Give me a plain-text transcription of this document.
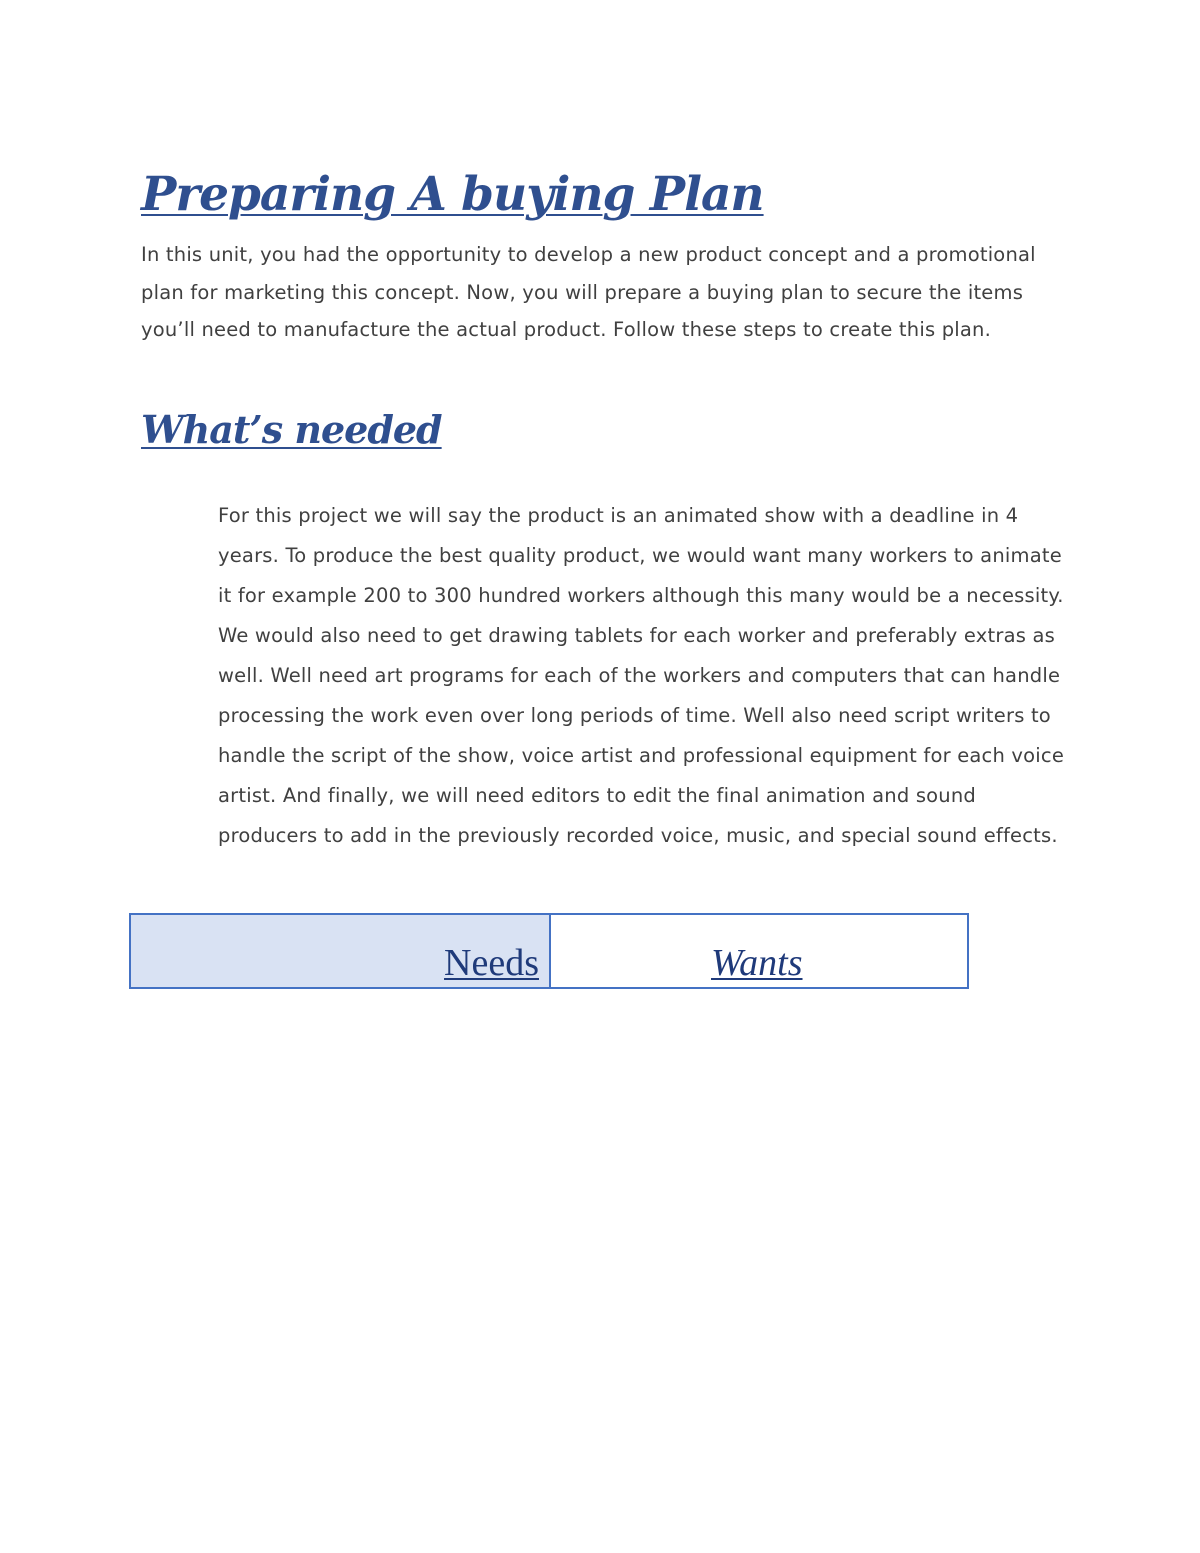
Preparing A buying Plan

In this unit, you had the opportunity to develop a new product concept and a promotional plan for marketing this concept. Now, you will prepare a buying plan to secure the items you’ll need to manufacture the actual product. Follow these steps to create this plan.

What’s needed

For this project we will say the product is an animated show with a deadline in 4 years. To produce the best quality product, we would want many workers to animate it for example 200 to 300 hundred workers although this many would be a necessity. We would also need to get drawing tablets for each worker and preferably extras as well. Well need art programs for each of the workers and computers that can handle processing the work even over long periods of time. Well also need script writers to handle the script of the show, voice artist and professional equipment for each voice artist. And finally, we will need editors to edit the final animation and sound producers to add in the previously recorded voice, music, and special sound effects.

Needs	Wants
